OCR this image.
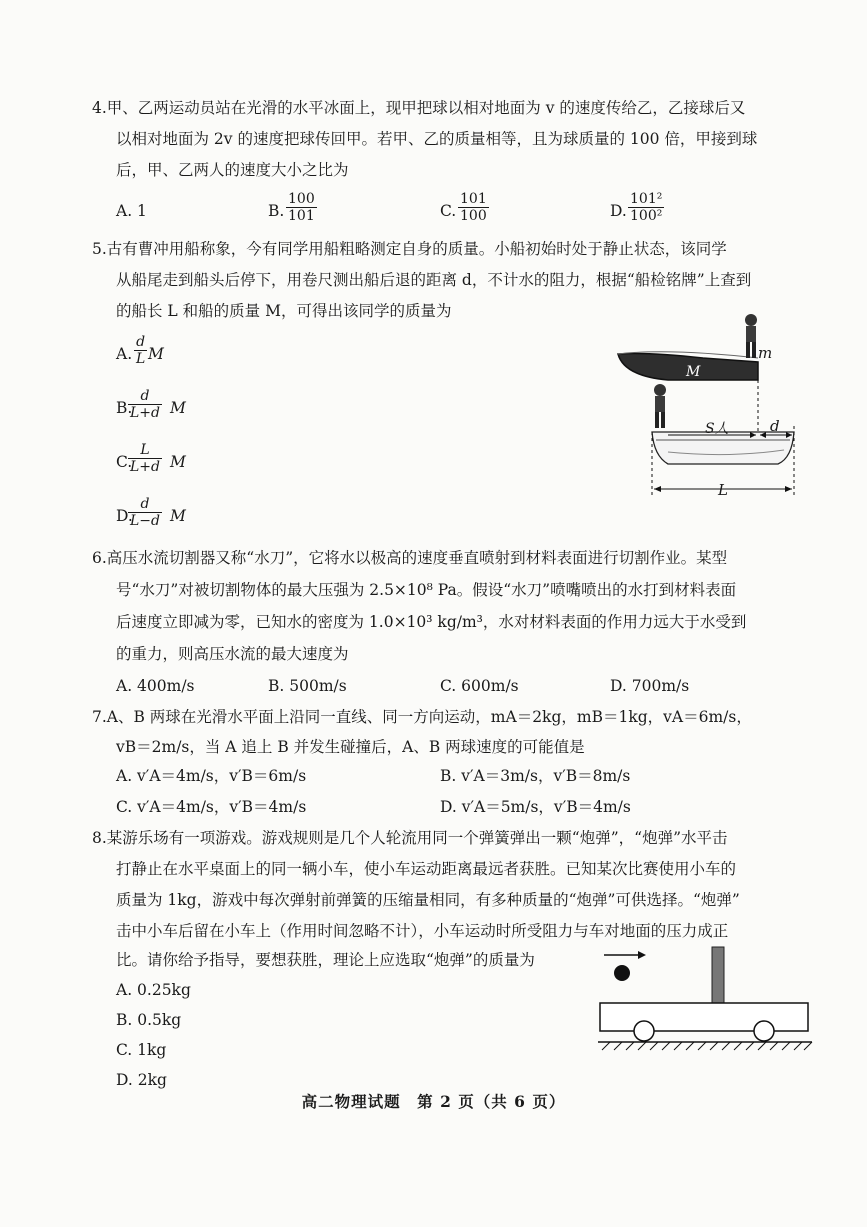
4.甲、乙两运动员站在光滑的水平冰面上，现甲把球以相对地面为 v 的速度传给乙，乙接球后又
以相对地面为 2v 的速度把球传回甲。若甲、乙的质量相等，且为球质量的 100 倍，甲接到球
后，甲、乙两人的速度大小之比为
A. 1	B. $\frac{100}{101}$	C. $\frac{101}{100}$	D. $\frac{\text{101²}}{\text{100²}}$
5.古有曹冲用船称象，今有同学用船粗略测定自身的质量。小船初始时处于静止状态，该同学
从船尾走到船头后停下，用卷尺测出船后退的距离 d，不计水的阻力，根据“船检铭牌”上查到
的船长 L 和船的质量 M，可得出该同学的质量为
A. $\frac{d}{L}$ M
B.
$\frac{d}{L+d}$ M
C.
$\frac{L}{L+d}$ M
D.
$\frac{d}{L-d}$ M
m
M
S人	d
L
6.高压水流切割器又称“水刀”，它将水以极高的速度垂直喷射到材料表面进行切割作业。某型
号“水刀”对被切割物体的最大压强为 2.5×10⁸ Pa。假设“水刀”喷嘴喷出的水打到材料表面
后速度立即减为零，已知水的密度为 1.0×10³ kg/m³，水对材料表面的作用力远大于水受到
的重力，则高压水流的最大速度为
A. 400m/s	B. 500m/s	C. 600m/s	D. 700m/s
7.A、B 两球在光滑水平面上沿同一直线、同一方向运动，mA＝2kg，mB＝1kg，vA＝6m/s，
vB＝2m/s，当 A 追上 B 并发生碰撞后，A、B 两球速度的可能值是
A. v′A＝4m/s，v′B＝6m/s	B. v′A＝3m/s，v′B＝8m/s
C. v′A＝4m/s，v′B＝4m/s	D. v′A＝5m/s，v′B＝4m/s
8.某游乐场有一项游戏。游戏规则是几个人轮流用同一个弹簧弹出一颗“炮弹”，“炮弹”水平击
打静止在水平桌面上的同一辆小车，使小车运动距离最远者获胜。已知某次比赛使用小车的
质量为 1kg，游戏中每次弹射前弹簧的压缩量相同，有多种质量的“炮弹”可供选择。“炮弹”
击中小车后留在小车上（作用时间忽略不计），小车运动时所受阻力与车对地面的压力成正
比。请你给予指导，要想获胜，理论上应选取“炮弹”的质量为
A. 0.25kg
B. 0.5kg
C. 1kg
D. 2kg
高二物理试题　第 2 页（共 6 页）
